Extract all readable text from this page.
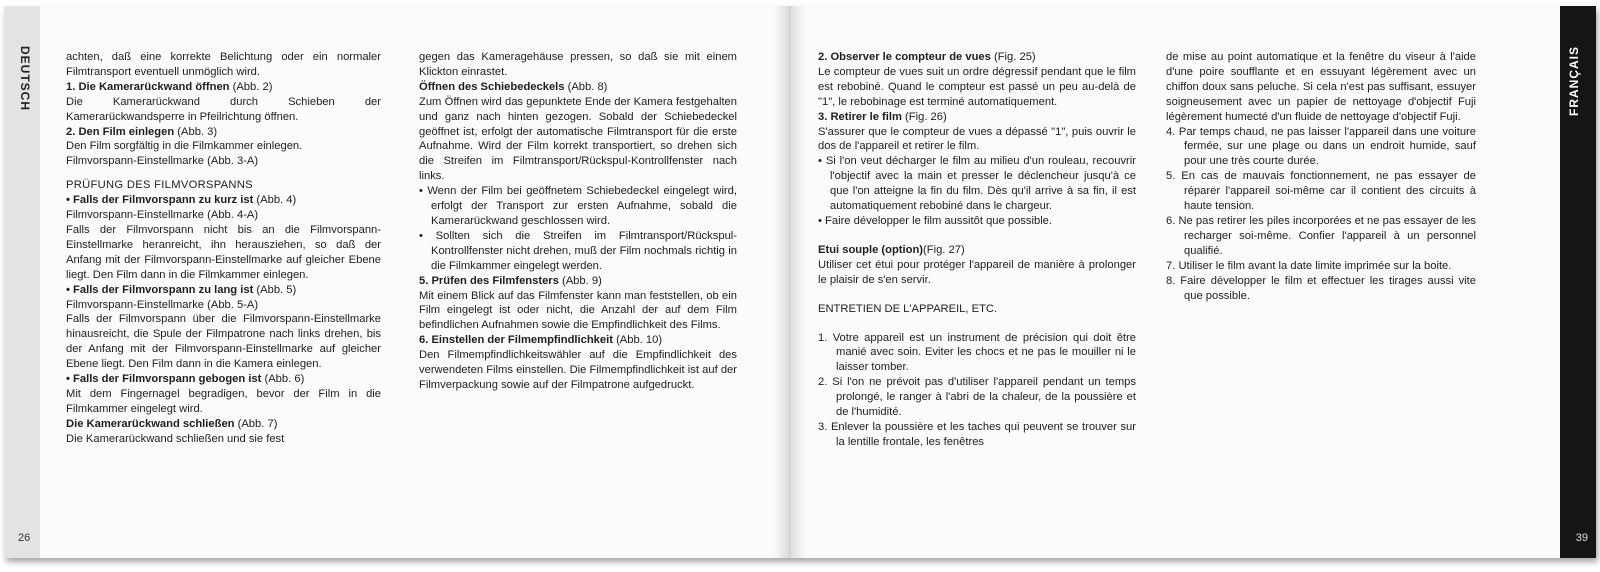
DEUTSCH
26

achten, daß eine korrekte Belichtung oder ein normaler Filmtransport eventuell unmöglich wird.

1. Die Kamerarückwand öffnen (Abb. 2)

Die Kamerarückwand durch Schieben der Kamerarückwandsperre in Pfeilrichtung öffnen.

2. Den Film einlegen (Abb. 3)

Den Film sorgfältig in die Filmkammer einlegen.

Filmvorspann-Einstellmarke (Abb. 3-A)

PRÜFUNG DES FILMVORSPANNS

• Falls der Filmvorspann zu kurz ist (Abb. 4)

Filmvorspann-Einstellmarke (Abb. 4-A)

Falls der Filmvorspann nicht bis an die Filmvorspann-Einstellmarke heranreicht, ihn herausziehen, so daß der Anfang mit der Filmvorspann-Einstellmarke auf gleicher Ebene liegt. Den Film dann in die Filmkammer einlegen.

• Falls der Filmvorspann zu lang ist (Abb. 5)

Filmvorspann-Einstellmarke (Abb. 5-A)

Falls der Filmvorspann über die Filmvorspann-Einstellmarke hinausreicht, die Spule der Filmpatrone nach links drehen, bis der Anfang mit der Filmvorspann-Einstellmarke auf gleicher Ebene liegt. Den Film dann in die Kamera einlegen.

• Falls der Filmvorspann gebogen ist (Abb. 6)

Mit dem Fingernagel begradigen, bevor der Film in die Filmkammer eingelegt wird.

Die Kamerarückwand schließen (Abb. 7)

Die Kamerarückwand schließen und sie fest

gegen das Kameragehäuse pressen, so daß sie mit einem Klickton einrastet.

Öffnen des Schiebedeckels (Abb. 8)

Zum Öffnen wird das gepunktete Ende der Kamera festgehalten und ganz nach hinten gezogen. Sobald der Schiebedeckel geöffnet ist, erfolgt der automatische Filmtransport für die erste Aufnahme. Wird der Film korrekt transportiert, so drehen sich die Streifen im Filmtransport/Rückspul-Kontrollfenster nach links.

• Wenn der Film bei geöffnetem Schiebedeckel eingelegt wird, erfolgt der Transport zur ersten Aufnahme, sobald die Kamerarückwand geschlossen wird.

• Sollten sich die Streifen im Filmtransport/Rückspul-Kontrollfenster nicht drehen, muß der Film nochmals richtig in die Filmkammer eingelegt werden.

5. Prüfen des Filmfensters (Abb. 9)

Mit einem Blick auf das Filmfenster kann man feststellen, ob ein Film eingelegt ist oder nicht, die Anzahl der auf dem Film befindlichen Aufnahmen sowie die Empfindlichkeit des Films.

6. Einstellen der Filmempfindlichkeit (Abb. 10)

Den Filmempfindlichkeitswähler auf die Empfindlichkeit des verwendeten Films einstellen. Die Filmempfindlichkeit ist auf der Filmverpackung sowie auf der Filmpatrone aufgedruckt.

2. Observer le compteur de vues (Fig. 25)

Le compteur de vues suit un ordre dégressif pendant que le film est rebobiné. Quand le compteur est passé un peu au-delà de "1", le rebobinage est terminé automatiquement.

3. Retirer le film (Fig. 26)

S'assurer que le compteur de vues a dépassé "1", puis ouvrir le dos de l'appareil et retirer le film.

• Si l'on veut décharger le film au milieu d'un rouleau, recouvrir l'objectif avec la main et presser le déclencheur jusqu'à ce que l'on atteigne la fin du film. Dès qu'il arrive à sa fin, il est automatiquement rebobiné dans le chargeur.

• Faire développer le film aussitôt que possible.

Etui souple (option)(Fig. 27)

Utiliser cet étui pour protéger l'appareil de manière à prolonger le plaisir de s'en servir.

ENTRETIEN DE L'APPAREIL, ETC.

1. Votre appareil est un instrument de précision qui doit être manié avec soin. Eviter les chocs et ne pas le mouiller ni le laisser tomber.

2. Si l'on ne prévoit pas d'utiliser l'appareil pendant un temps prolongé, le ranger à l'abri de la chaleur, de la poussière et de l'humidité.

3. Enlever la poussière et les taches qui peuvent se trouver sur la lentille frontale, les fenêtres

de mise au point automatique et la fenêtre du viseur à l'aide d'une poire soufflante et en essuyant légèrement avec un chiffon doux sans peluche. Si cela n'est pas suffisant, essuyer soigneusement avec un papier de nettoyage d'objectif Fuji légèrement humecté d'un fluide de nettoyage d'objectif Fuji.

4. Par temps chaud, ne pas laisser l'appareil dans une voiture fermée, sur une plage ou dans un endroit humide, sauf pour une très courte durée.

5. En cas de mauvais fonctionnement, ne pas essayer de réparer l'appareil soi-même car il contient des circuits à haute tension.

6. Ne pas retirer les piles incorporées et ne pas essayer de les recharger soi-même. Confier l'appareil à un personnel qualifié.

7. Utiliser le film avant la date limite imprimée sur la boite.

8. Faire développer le film et effectuer les tirages aussi vite que possible.

FRANÇAIS
39
